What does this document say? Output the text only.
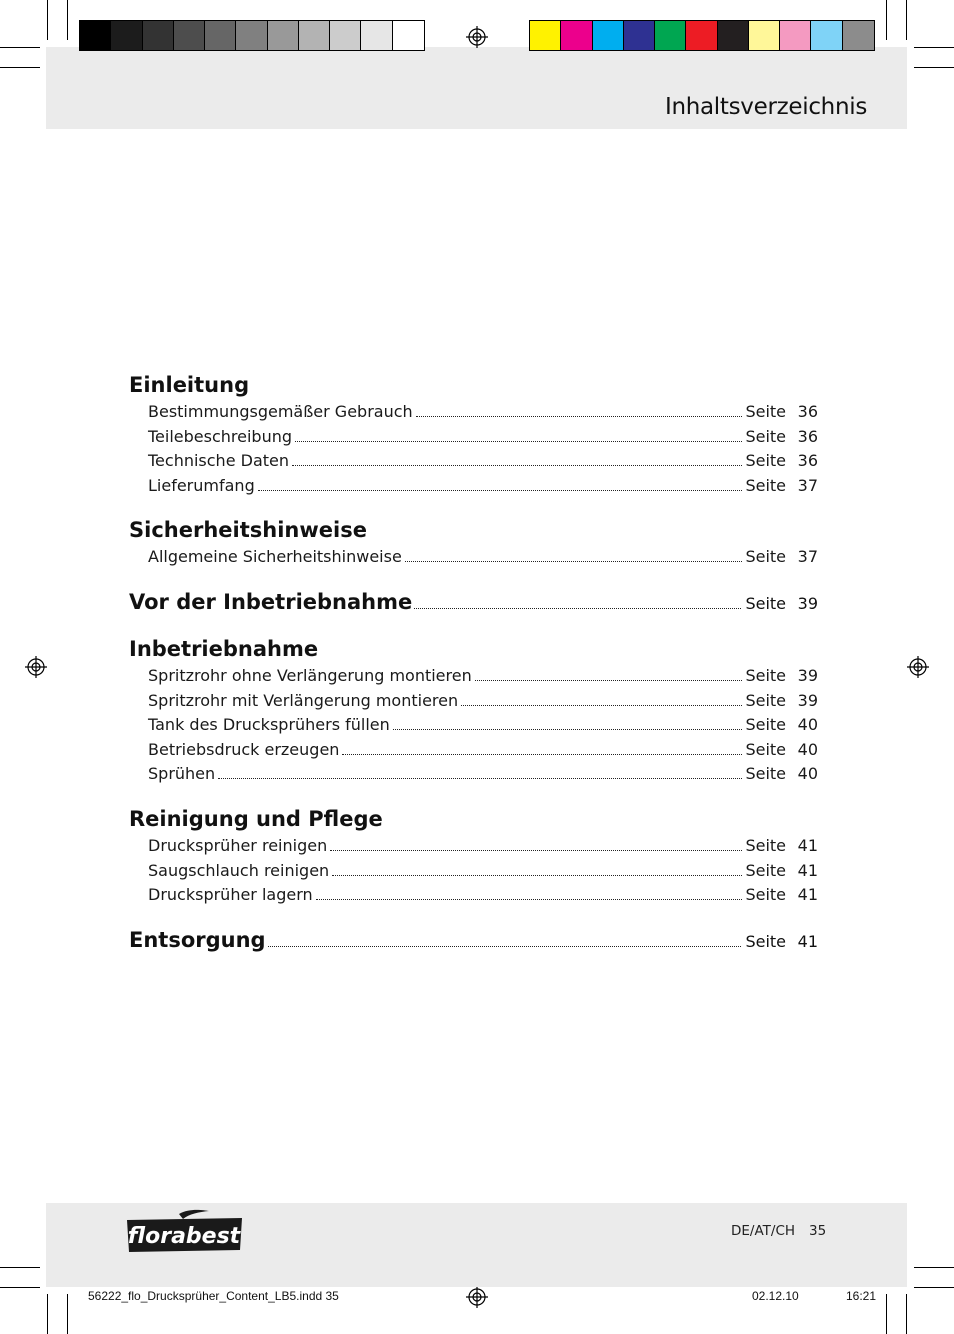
Inhaltsverzeichnis
Einleitung
Bestimmungsgemäßer Gebrauch	Seite 36
Teilebeschreibung	Seite 36
Technische Daten	Seite 36
Lieferumfang	Seite 37
Sicherheitshinweise
Allgemeine Sicherheitshinweise	Seite 37
Vor der Inbetriebnahme	Seite 39
Inbetriebnahme
Spritzrohr ohne Verlängerung montieren	Seite 39
Spritzrohr mit Verlängerung montieren	Seite 39
Tank des Drucksprühers füllen	Seite 40
Betriebsdruck erzeugen	Seite 40
Sprühen	Seite 40
Reinigung und Pflege
Drucksprüher reinigen	Seite 41
Saugschlauch reinigen	Seite 41
Drucksprüher lagern	Seite 41
Entsorgung	Seite 41
florabest	DE/AT/CH 35
56222_flo_Drucksprüher_Content_LB5.indd 35	02.12.10	16:21
